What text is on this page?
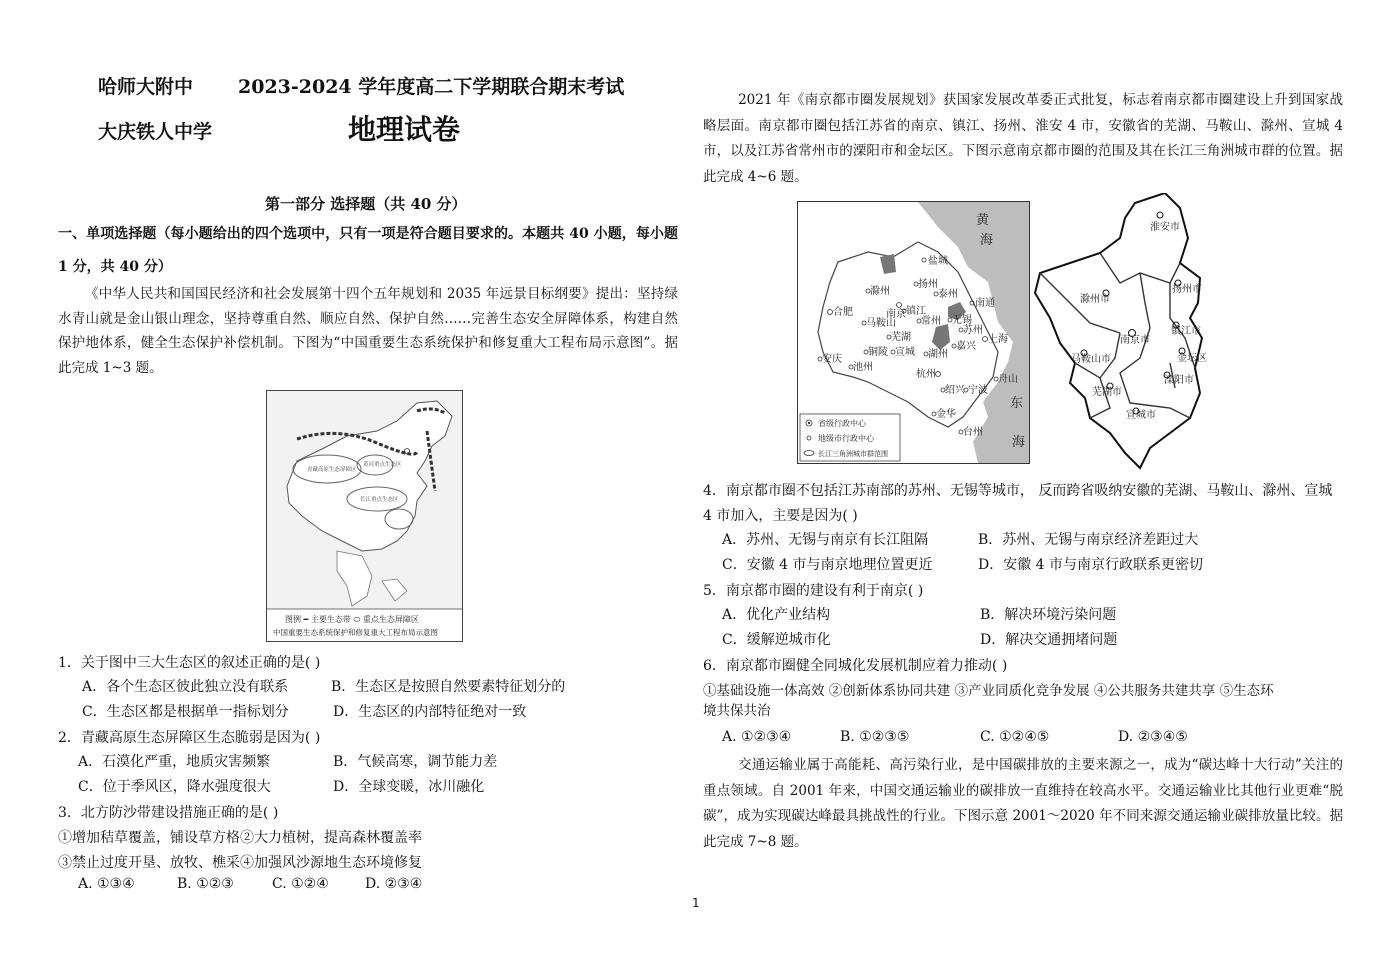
哈师大附中 2023-2024 学年度高二下学期联合期末考试
大庆铁人中学	地理试卷
第一部分 选择题（共 40 分）
一、单项选择题（每小题给出的四个选项中，只有一项是符合题目要求的。本题共 40 小题，每小题 1 分，共 40 分）
《中华人民共和国国民经济和社会发展第十四个五年规划和 2035 年远景目标纲要》提出：坚持绿水青山就是金山银山理念，坚持尊重自然、顺应自然、保护自然……完善生态安全屏障体系，构建自然保护地体系，健全生态保护补偿机制。下图为“中国重要生态系统保护和修复重大工程布局示意图”。据此完成 1~3 题。
青藏高原生态屏障区
黄河重点生态区
长江重点生态区
图例 ━ 主要生态带 ⬭ 重点生态屏障区
中国重要生态系统保护和修复重大工程布局示意图
1．关于图中三大生态区的叙述正确的是( )
A．各个生态区彼此独立没有联系	B．生态区是按照自然要素特征划分的
C．生态区都是根据单一指标划分	D．生态区的内部特征绝对一致
2．青藏高原生态屏障区生态脆弱是因为( )
A．石漠化严重，地质灾害频繁	B．气候高寒，调节能力差
C．位于季风区，降水强度很大	D．全球变暖，冰川融化
3．北方防沙带建设措施正确的是( )
①增加秸草覆盖，铺设草方格②大力植树，提高森林覆盖率
③禁止过度开垦、放牧、樵采④加强风沙源地生态环境修复
A. ①③④	B. ①②③	C. ①②④	D. ②③④
2021 年《南京都市圈发展规划》获国家发展改革委正式批复，标志着南京都市圈建设上升到国家战略层面。南京都市圈包括江苏省的南京、镇江、扬州、淮安 4 市，安徽省的芜湖、马鞍山、滁州、宣城 4 市，以及江苏省常州市的溧阳市和金坛区。下图示意南京都市圈的范围及其在长江三角洲城市群的位置。据此完成 4~6 题。
黄
海
东
海
盐城
扬州
泰州
滁州
南通
合肥	南京 镇江
马鞍山	常州 无锡
芜湖
苏州
上海
铜陵 宣城 湖州
嘉兴
安庆
池州
杭州	舟山
绍兴 宁波
金华
台州
省级行政中心
地级市行政中心
长江三角洲城市群范围
淮安市
扬州市
滁州市
镇江市
南京市
金坛区
马鞍山市
溧阳市
芜湖市
宣城市
4．南京都市圈不包括江苏南部的苏州、无锡等城市， 反而跨省吸纳安徽的芜湖、马鞍山、滁州、宣城
4 市加入，主要是因为( )
A．苏州、无锡与南京有长江阻隔	B．苏州、无锡与南京经济差距过大
C．安徽 4 市与南京地理位置更近	D．安徽 4 市与南京行政联系更密切
5．南京都市圈的建设有利于南京( )
A．优化产业结构	B．解决环境污染问题
C．缓解逆城市化	D．解决交通拥堵问题
6．南京都市圈健全同城化发展机制应着力推动( )
①基础设施一体高效 ②创新体系协同共建 ③产业同质化竞争发展 ④公共服务共建共享 ⑤生态环
境共保共治
A. ①②③④	B. ①②③⑤	C. ①②④⑤	D. ②③④⑤
交通运输业属于高能耗、高污染行业，是中国碳排放的主要来源之一，成为“碳达峰十大行动”关注的重点领域。自 2001 年来，中国交通运输业的碳排放一直维持在较高水平。交通运输业比其他行业更难“脱碳”，成为实现碳达峰最具挑战性的行业。下图示意 2001～2020 年不同来源交通运输业碳排放量比较。据此完成 7~8 题。
1
